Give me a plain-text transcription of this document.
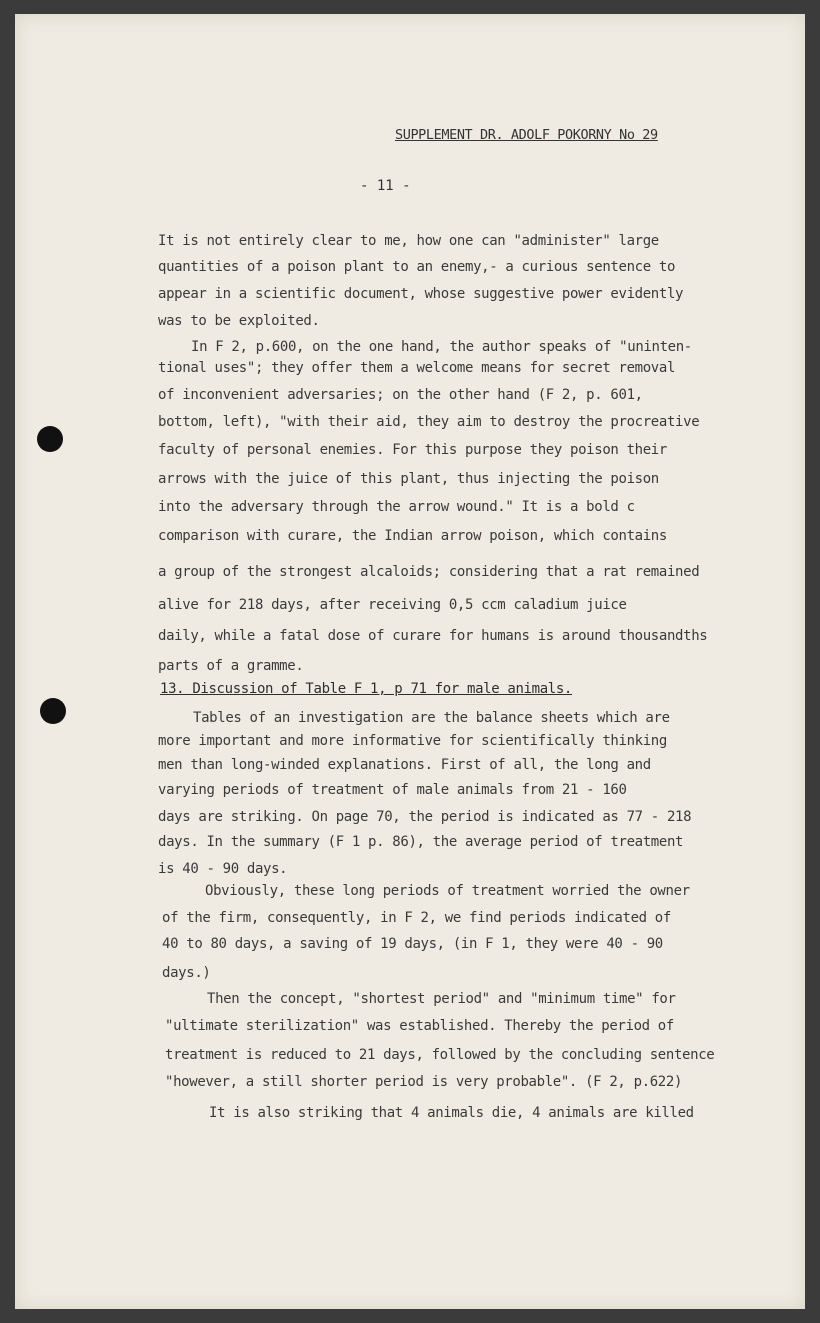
SUPPLEMENT DR. ADOLF POKORNY No 29
- 11 -
It is not entirely clear to me, how one can "administer" large
quantities of a poison plant to an enemy,- a curious sentence to
appear in a scientific document, whose suggestive power evidently
was to be exploited.
In F 2, p.600, on the one hand, the author speaks of "uninten-
tional uses"; they offer them a welcome means for secret removal
of inconvenient adversaries; on the other hand (F 2, p. 601,
bottom, left), "with their aid, they aim to destroy the procreative
faculty of personal enemies. For this purpose they poison their
arrows with the juice of this plant, thus injecting the poison
into the adversary through the arrow wound." It is a bold c
comparison with curare, the Indian arrow poison, which contains
a group of the strongest alcaloids; considering that a rat remained
alive for 218 days, after receiving 0,5 ccm caladium juice
daily, while a fatal dose of curare for humans is around thousandths
parts of a gramme.
13. Discussion of Table F 1, p 71 for male animals.
Tables of an investigation are the balance sheets which are
more important and more informative for scientifically thinking
men than long-winded explanations. First of all, the long and
varying periods of treatment of male animals from 21 - 160
days are striking. On page 70, the period is indicated as 77 - 218
days. In the summary (F 1 p. 86), the average period of treatment
is 40 - 90 days.
Obviously, these long periods of treatment worried the owner
of the firm, consequently, in F 2, we find periods indicated of
40 to 80 days, a saving of 19 days, (in F 1, they were 40 - 90
days.)
Then the concept, "shortest period" and "minimum time" for
"ultimate sterilization" was established. Thereby the period of
treatment is reduced to 21 days, followed by the concluding sentence
"however, a still shorter period is very probable". (F 2, p.622)
It is also striking that 4 animals die, 4 animals are killed
